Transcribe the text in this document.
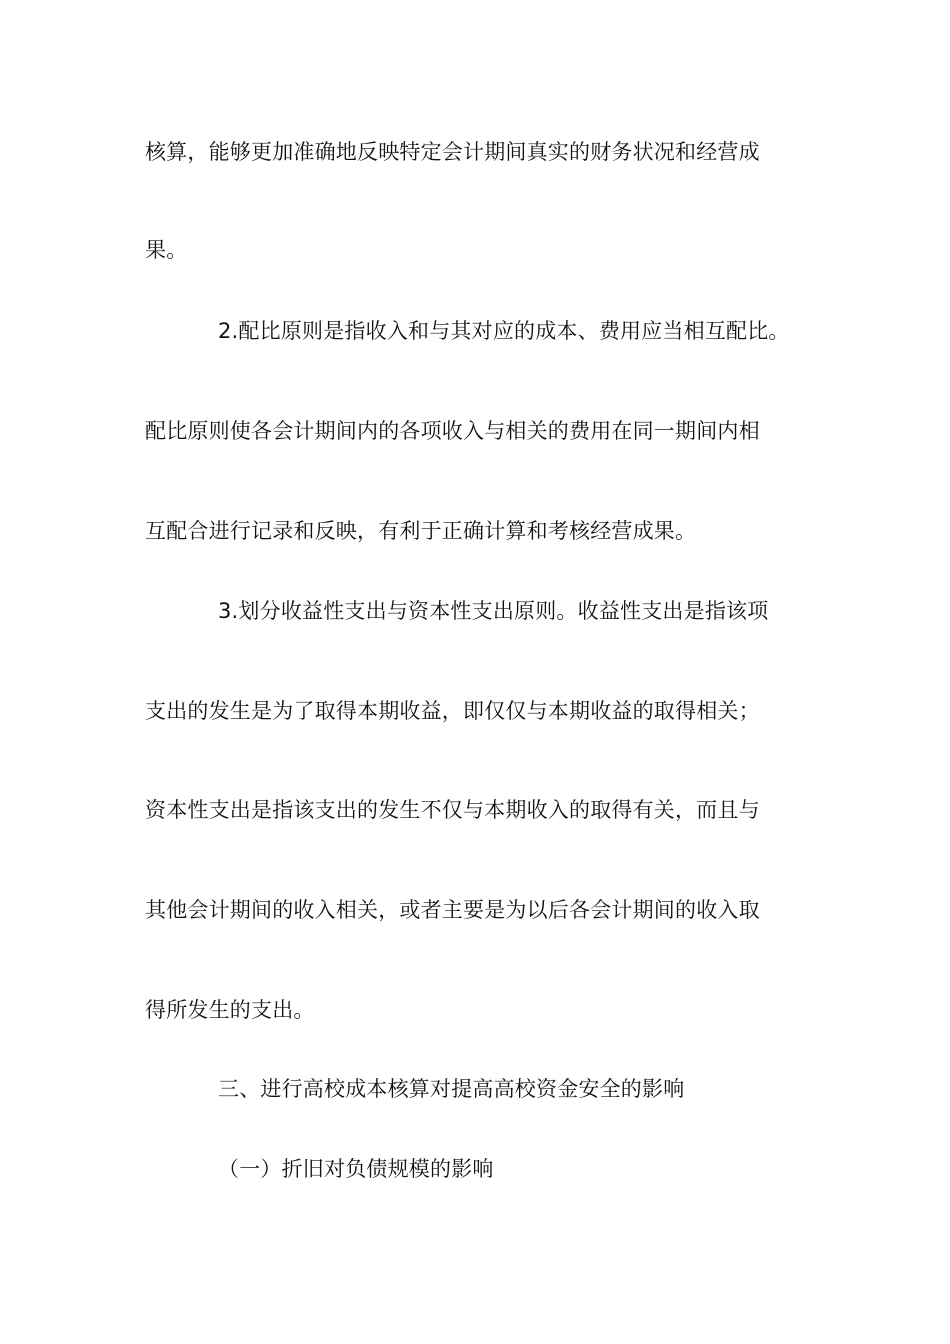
核算，能够更加准确地反映特定会计期间真实的财务状况和经营成
果。
2.配比原则是指收入和与其对应的成本、费用应当相互配比。
配比原则使各会计期间内的各项收入与相关的费用在同一期间内相
互配合进行记录和反映，有利于正确计算和考核经营成果。
3.划分收益性支出与资本性支出原则。收益性支出是指该项
支出的发生是为了取得本期收益，即仅仅与本期收益的取得相关；
资本性支出是指该支出的发生不仅与本期收入的取得有关，而且与
其他会计期间的收入相关，或者主要是为以后各会计期间的收入取
得所发生的支出。
三、进行高校成本核算对提高高校资金安全的影响
（一）折旧对负债规模的影响
